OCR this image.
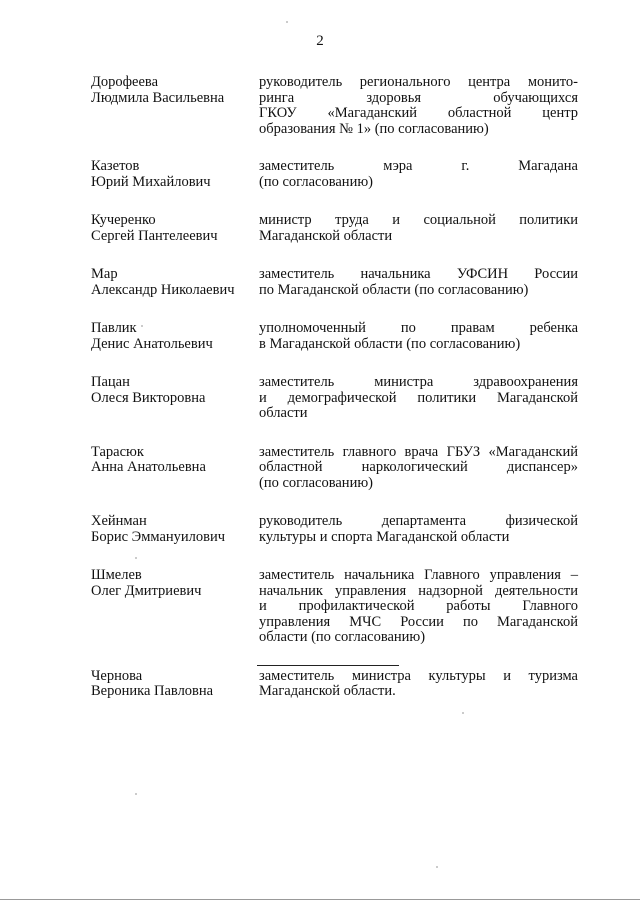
2
Дорофеева
Людмила Васильевна
руководитель регионального центра монито-
ринга здоровья обучающихся
ГКОУ «Магаданский областной центр
образования № 1» (по согласованию)
Казетов
Юрий Михайлович
заместитель мэра г. Магадана
(по согласованию)
Кучеренко
Сергей Пантелеевич
министр труда и социальной политики
Магаданской области
Мар
Александр Николаевич
заместитель начальника УФСИН России
по Магаданской области (по согласованию)
Павлик
Денис Анатольевич
уполномоченный по правам ребенка
в Магаданской области (по согласованию)
Пацан
Олеся Викторовна
заместитель министра здравоохранения
и демографической политики Магаданской
области
Тарасюк
Анна Анатольевна
заместитель главного врача ГБУЗ «Магаданский
областной наркологический диспансер»
(по согласованию)
Хейнман
Борис Эммануилович
руководитель департамента физической
культуры и спорта Магаданской области
Шмелев
Олег Дмитриевич
заместитель начальника Главного управления –
начальник управления надзорной деятельности
и профилактической работы Главного
управления МЧС России по Магаданской
области (по согласованию)
Чернова
Вероника Павловна
заместитель министра культуры и туризма
Магаданской области.
